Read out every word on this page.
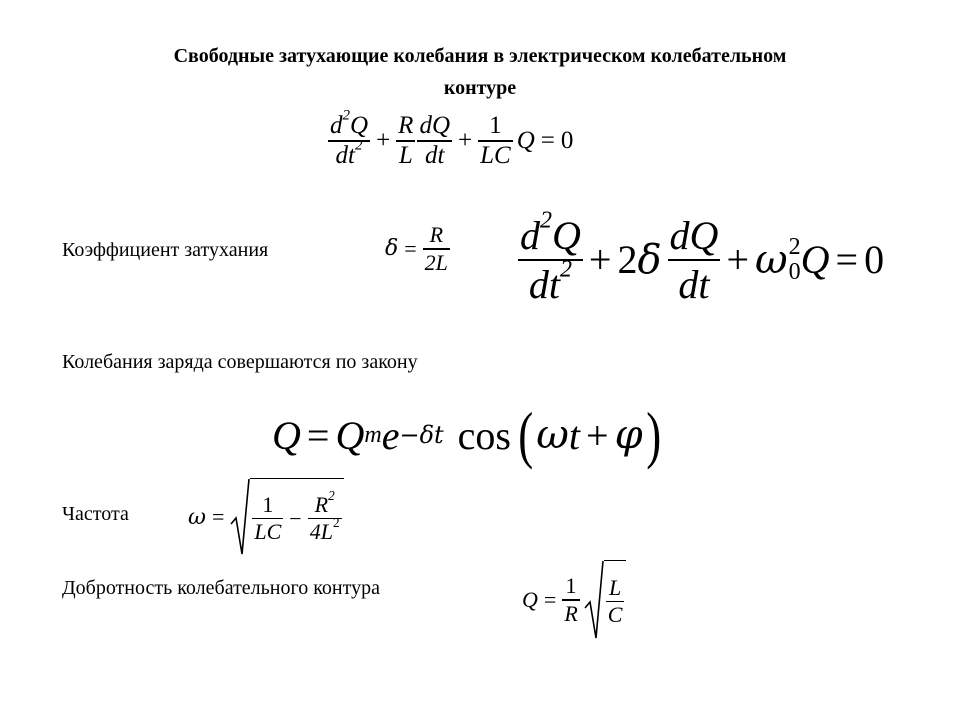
Свободные затухающие колебания в электрическом колебательном
контуре
$\frac{d^2Q}{dt^2} + \frac{R}{L} \frac{dQ}{dt} + \frac{1}{LC}$ Q = 0
Коэффициент затухания	$\delta = \frac{R}{2L} \frac{d^2Q}{dt^2} + 2$ δ $\frac{dQ}{dt} + \omega$ 2
0 Q = 0
Колебания заряда совершаются по закону
Q = Q m e −δt cos ( ω t + φ )
Частота	$\omega = \frac{1}{LC} - \frac{R^2}{4L^2}$
Добротность колебательного контура	$Q = \frac{1}{R} \frac{L}{C}$
